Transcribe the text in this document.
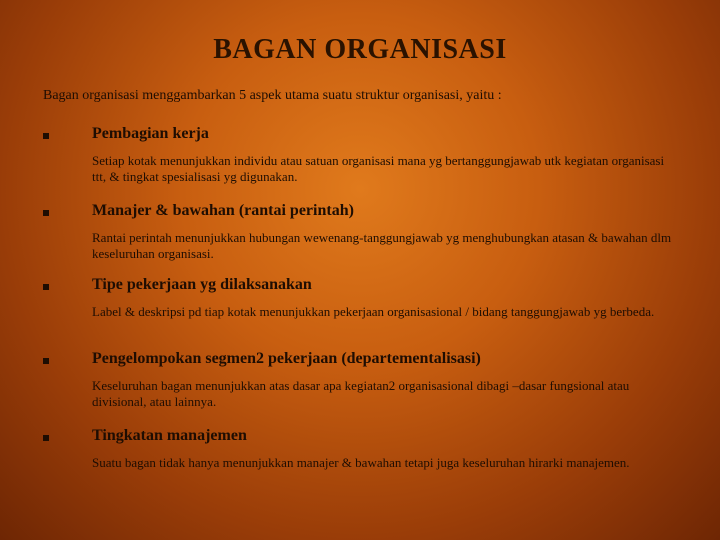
BAGAN ORGANISASI
Bagan organisasi menggambarkan 5 aspek utama suatu struktur organisasi, yaitu :
Pembagian kerja
Setiap kotak menunjukkan individu atau satuan organisasi mana yg bertanggungjawab utk kegiatan organisasi ttt, & tingkat spesialisasi yg digunakan.
Manajer & bawahan (rantai perintah)
Rantai perintah menunjukkan hubungan wewenang-tanggungjawab yg menghubungkan atasan & bawahan dlm keseluruhan organisasi.
Tipe pekerjaan yg dilaksanakan
Label & deskripsi pd tiap kotak menunjukkan pekerjaan organisasional / bidang tanggungjawab yg berbeda.
Pengelompokan segmen2 pekerjaan (departementalisasi)
Keseluruhan bagan menunjukkan atas dasar apa kegiatan2 organisasional dibagi –dasar fungsional atau divisional, atau lainnya.
Tingkatan manajemen
Suatu bagan tidak hanya menunjukkan manajer & bawahan tetapi juga keseluruhan hirarki manajemen.
